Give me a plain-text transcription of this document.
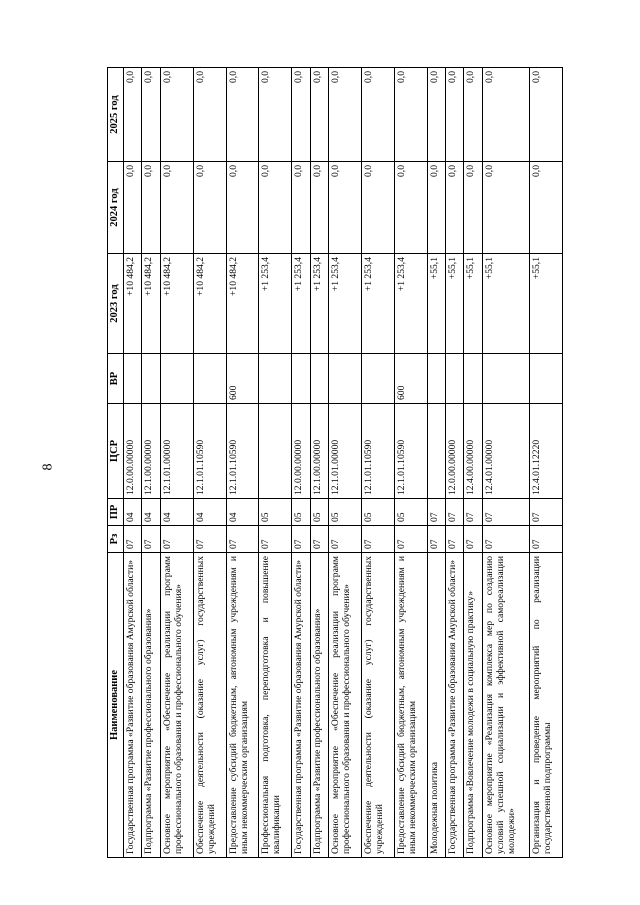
8
Наименование	Рз	ПР	ЦСР	ВР	2023 год	2024 год	2025 год
Государственная программа «Развитие образования Амурской области»	07	04	12.0.00.00000		+10 484,2	0,0	0,0
Подпрограмма «Развитие профессионального образования»	07	04	12.1.00.00000		+10 484,2	0,0	0,0
Основное мероприятие «Обеспечение реализации программ профессионального образования и профессионального обучения»	07	04	12.1.01.00000		+10 484,2	0,0	0,0
Обеспечение деятельности (оказание услуг) государственных учреждений	07	04	12.1.01.10590		+10 484,2	0,0	0,0
Предоставление субсидий бюджетным, автономным учреждениям и иным некоммерческим организациям	07	04	12.1.01.10590	600	+10 484,2	0,0	0,0
Профессиональная подготовка, переподготовка и повышение квалификации	07	05			+1 253,4	0,0	0,0
Государственная программа «Развитие образования Амурской области»	07	05	12.0.00.00000		+1 253,4	0,0	0,0
Подпрограмма «Развитие профессионального образования»	07	05	12.1.00.00000		+1 253,4	0,0	0,0
Основное мероприятие «Обеспечение реализации программ профессионального образования и профессионального обучения»	07	05	12.1.01.00000		+1 253,4	0,0	0,0
Обеспечение деятельности (оказание услуг) государственных учреждений	07	05	12.1.01.10590		+1 253,4	0,0	0,0
Предоставление субсидий бюджетным, автономным учреждениям и иным некоммерческим организациям	07	05	12.1.01.10590	600	+1 253,4	0,0	0,0
Молодежная политика	07	07			+55,1	0,0	0,0
Государственная программа «Развитие образования Амурской области»	07	07	12.0.00.00000		+55,1	0,0	0,0
Подпрограмма «Вовлечение молодежи в социальную практику»	07	07	12.4.00.00000		+55,1	0,0	0,0
Основное мероприятие «Реализация комплекса мер по созданию условий успешной социализации и эффективной самореализации молодежи»	07	07	12.4.01.00000		+55,1	0,0	0,0
Организация и проведение мероприятий по реализации государственной подпрограммы	07	07	12.4.01.12220		+55,1	0,0	0,0
